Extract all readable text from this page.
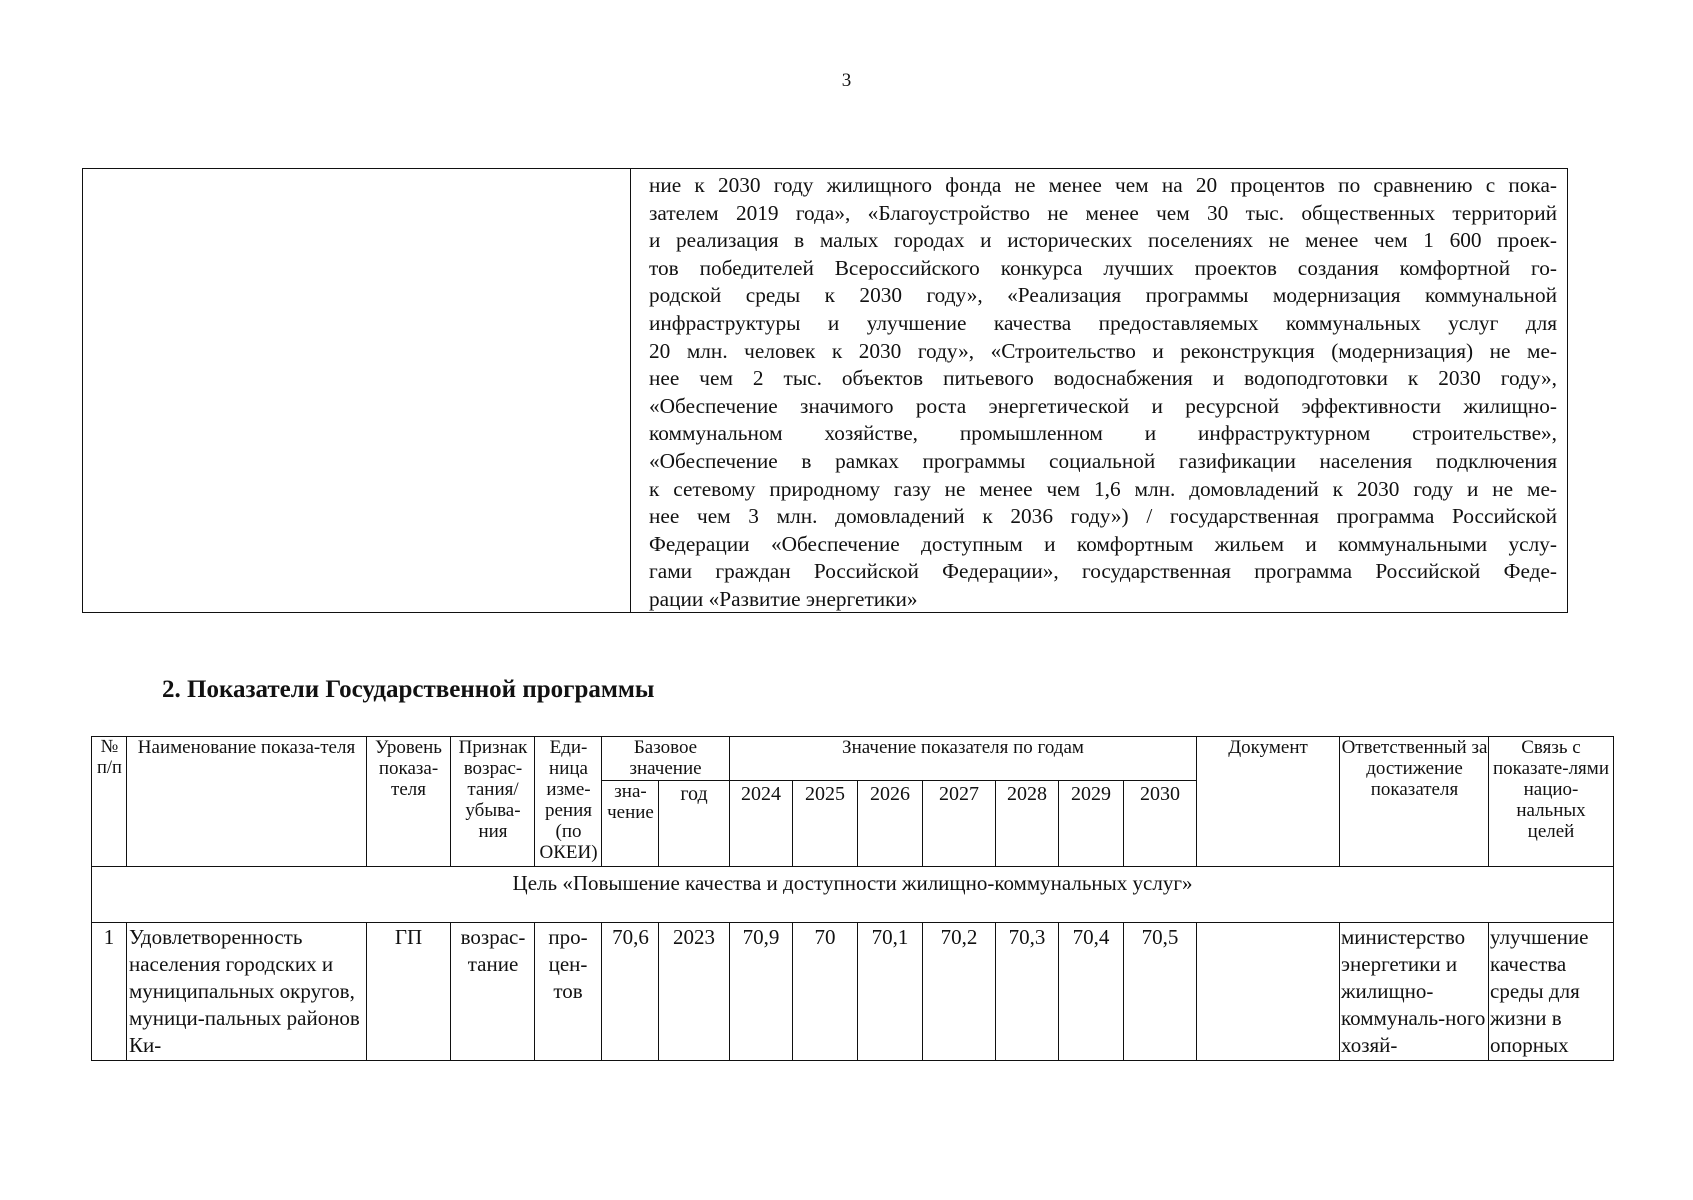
3
ние к 2030 году жилищного фонда не менее чем на 20 процентов по сравнению с пока-
зателем 2019 года», «Благоустройство не менее чем 30 тыс. общественных территорий
и реализация в малых городах и исторических поселениях не менее чем 1 600 проек-
тов победителей Всероссийского конкурса лучших проектов создания комфортной го-
родской среды к 2030 году», «Реализация программы модернизация коммунальной
инфраструктуры и улучшение качества предоставляемых коммунальных услуг для
20 млн. человек к 2030 году», «Строительство и реконструкция (модернизация) не ме-
нее чем 2 тыс. объектов питьевого водоснабжения и водоподготовки к 2030 году»,
«Обеспечение значимого роста энергетической и ресурсной эффективности жилищно-
коммунальном хозяйстве, промышленном и инфраструктурном строительстве»,
«Обеспечение в рамках программы социальной газификации населения подключения
к сетевому природному газу не менее чем 1,6 млн. домовладений к 2030 году и не ме-
нее чем 3 млн. домовладений к 2036 году») / государственная программа Российской
Федерации «Обеспечение доступным и комфортным жильем и коммунальными услу-
гами граждан Российской Федерации», государственная программа Российской Феде-
рации «Развитие энергетики»
2. Показатели Государственной программы
№ п/п	Наименование показа-теля	Уровень показа-теля	Признак возрас-тания/ убыва-ния	Еди-ница изме-рения (по ОКЕИ)	Базовое значение		Значение показателя по годам							Документ	Ответственный за достижение показателя	Связь с показате-лями нацио-нальных целей
					зна-чение	год	2024	2025	2026	2027	2028	2029	2030			
Цель «Повышение качества и доступности жилищно-коммунальных услуг»																
1	Удовлетворенность населения городских и муниципальных округов, муници-пальных районов Ки-	ГП	возрас-тание	про-цен-тов	70,6	2023	70,9	70	70,1	70,2	70,3	70,4	70,5		министерство энергетики и жилищно-коммуналь-ного хозяй-	улучшение качества среды для жизни в опорных
